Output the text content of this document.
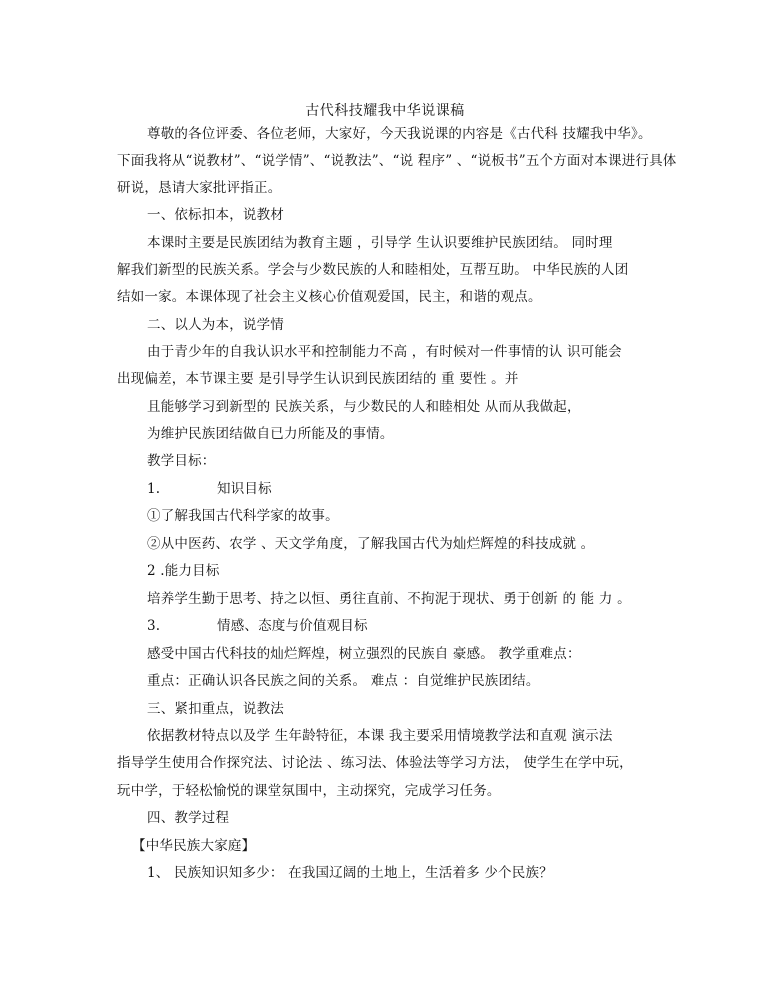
古代科技耀我中华说课稿
尊敬的各位评委、各位老师，大家好，今天我说课的内容是《古代科 技耀我中华》。
下面我将从“说教材”、“说学情”、“说教法”、“说 程序” 、“说板书”五个方面对本课进行具体
研说，恳请大家批评指正。
一、依标扣本，说教材
本课时主要是民族团结为教育主题 ，引导学 生认识要维护民族团结。 同时理
解我们新型的民族关系。学会与少数民族的人和睦相处，互帮互助。 中华民族的人团
结如一家。本课体现了社会主义核心价值观爱国，民主，和谐的观点。
二、以人为本，说学情
由于青少年的自我认识水平和控制能力不高 ，有时候对一件事情的认 识可能会
出现偏差，本节课主要 是引导学生认识到民族团结的 重 要性 。并
且能够学习到新型的 民族关系，与少数民的人和睦相处 从而从我做起，
为维护民族团结做自已力所能及的事情。
教学目标：
1.	知识目标
①了解我国古代科学家的故事。
②从中医药、农学 、天文学角度，了解我国古代为灿烂辉煌的科技成就 。
2 .能力目标
培养学生勤于思考、持之以恒、勇往直前、不拘泥于现状、勇于创新 的 能 力 。
3.	情感、态度与价值观目标
感受中国古代科技的灿烂辉煌，树立强烈的民族自 豪感。 教学重难点：
重点：正确认识各民族之间的关系。 难点 ：自觉维护民族团结。
三、紧扣重点，说教法
依据教材特点以及学 生年龄特征，本课 我主要采用情境教学法和直观 演示法
指导学生使用合作探究法、讨论法 、练习法、体验法等学习方法， 使学生在学中玩，
玩中学，于轻松愉悦的课堂氛围中，主动探究，完成学习任务。
四、教学过程
【中华民族大家庭】
1、 民族知识知多少： 在我国辽阔的土地上，生活着多 少个民族？
